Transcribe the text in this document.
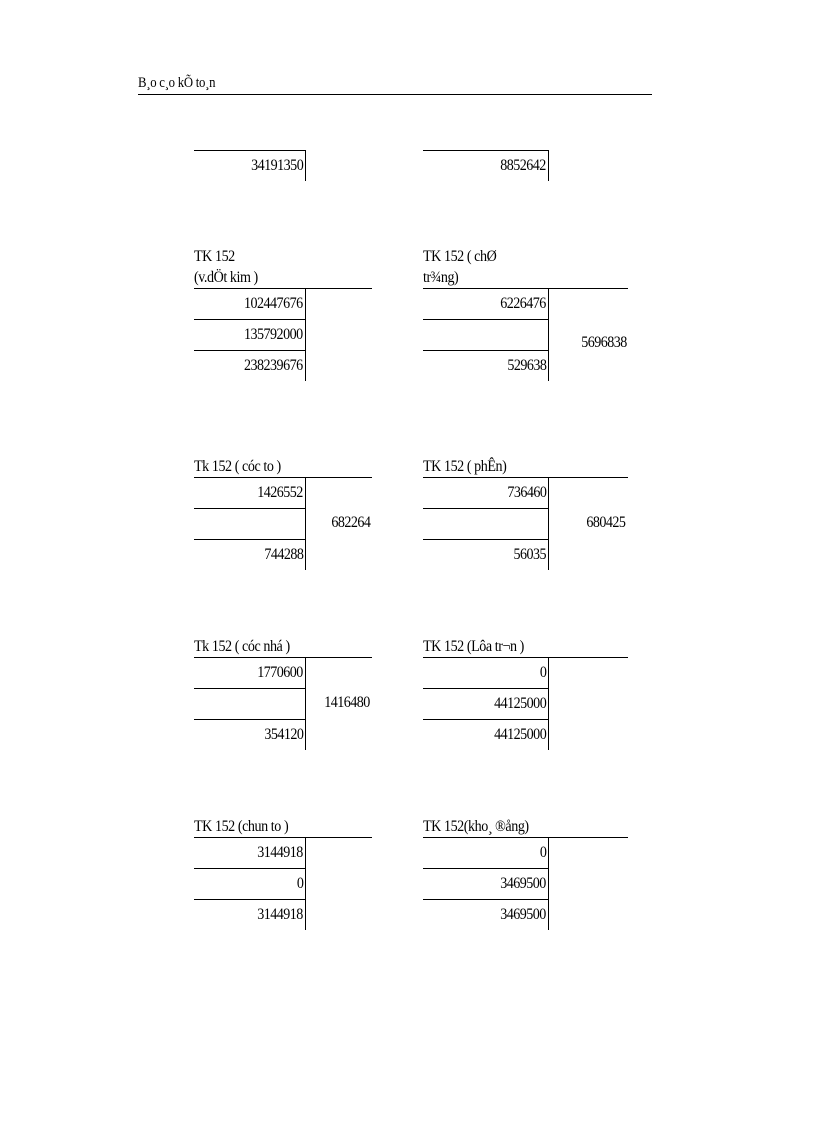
B¸o c¸o kÕ to¸n
34191350	8852642
TK 152
(v.dÖt kim )
102447676
135792000
238239676
TK 152 ( chØ
tr¾ng)
6226476
529638
5696838
Tk 152 ( cóc to )
1426552
744288
682264
TK 152 ( phÊn)
736460
56035
680425
Tk 152 ( cóc nhá )
1770600
354120
1416480
TK 152 (Lôa tr¬n )
0
44125000
44125000
TK 152 (chun to )
3144918
0
3144918
TK 152(kho¸ ®ång)
0
3469500
3469500
